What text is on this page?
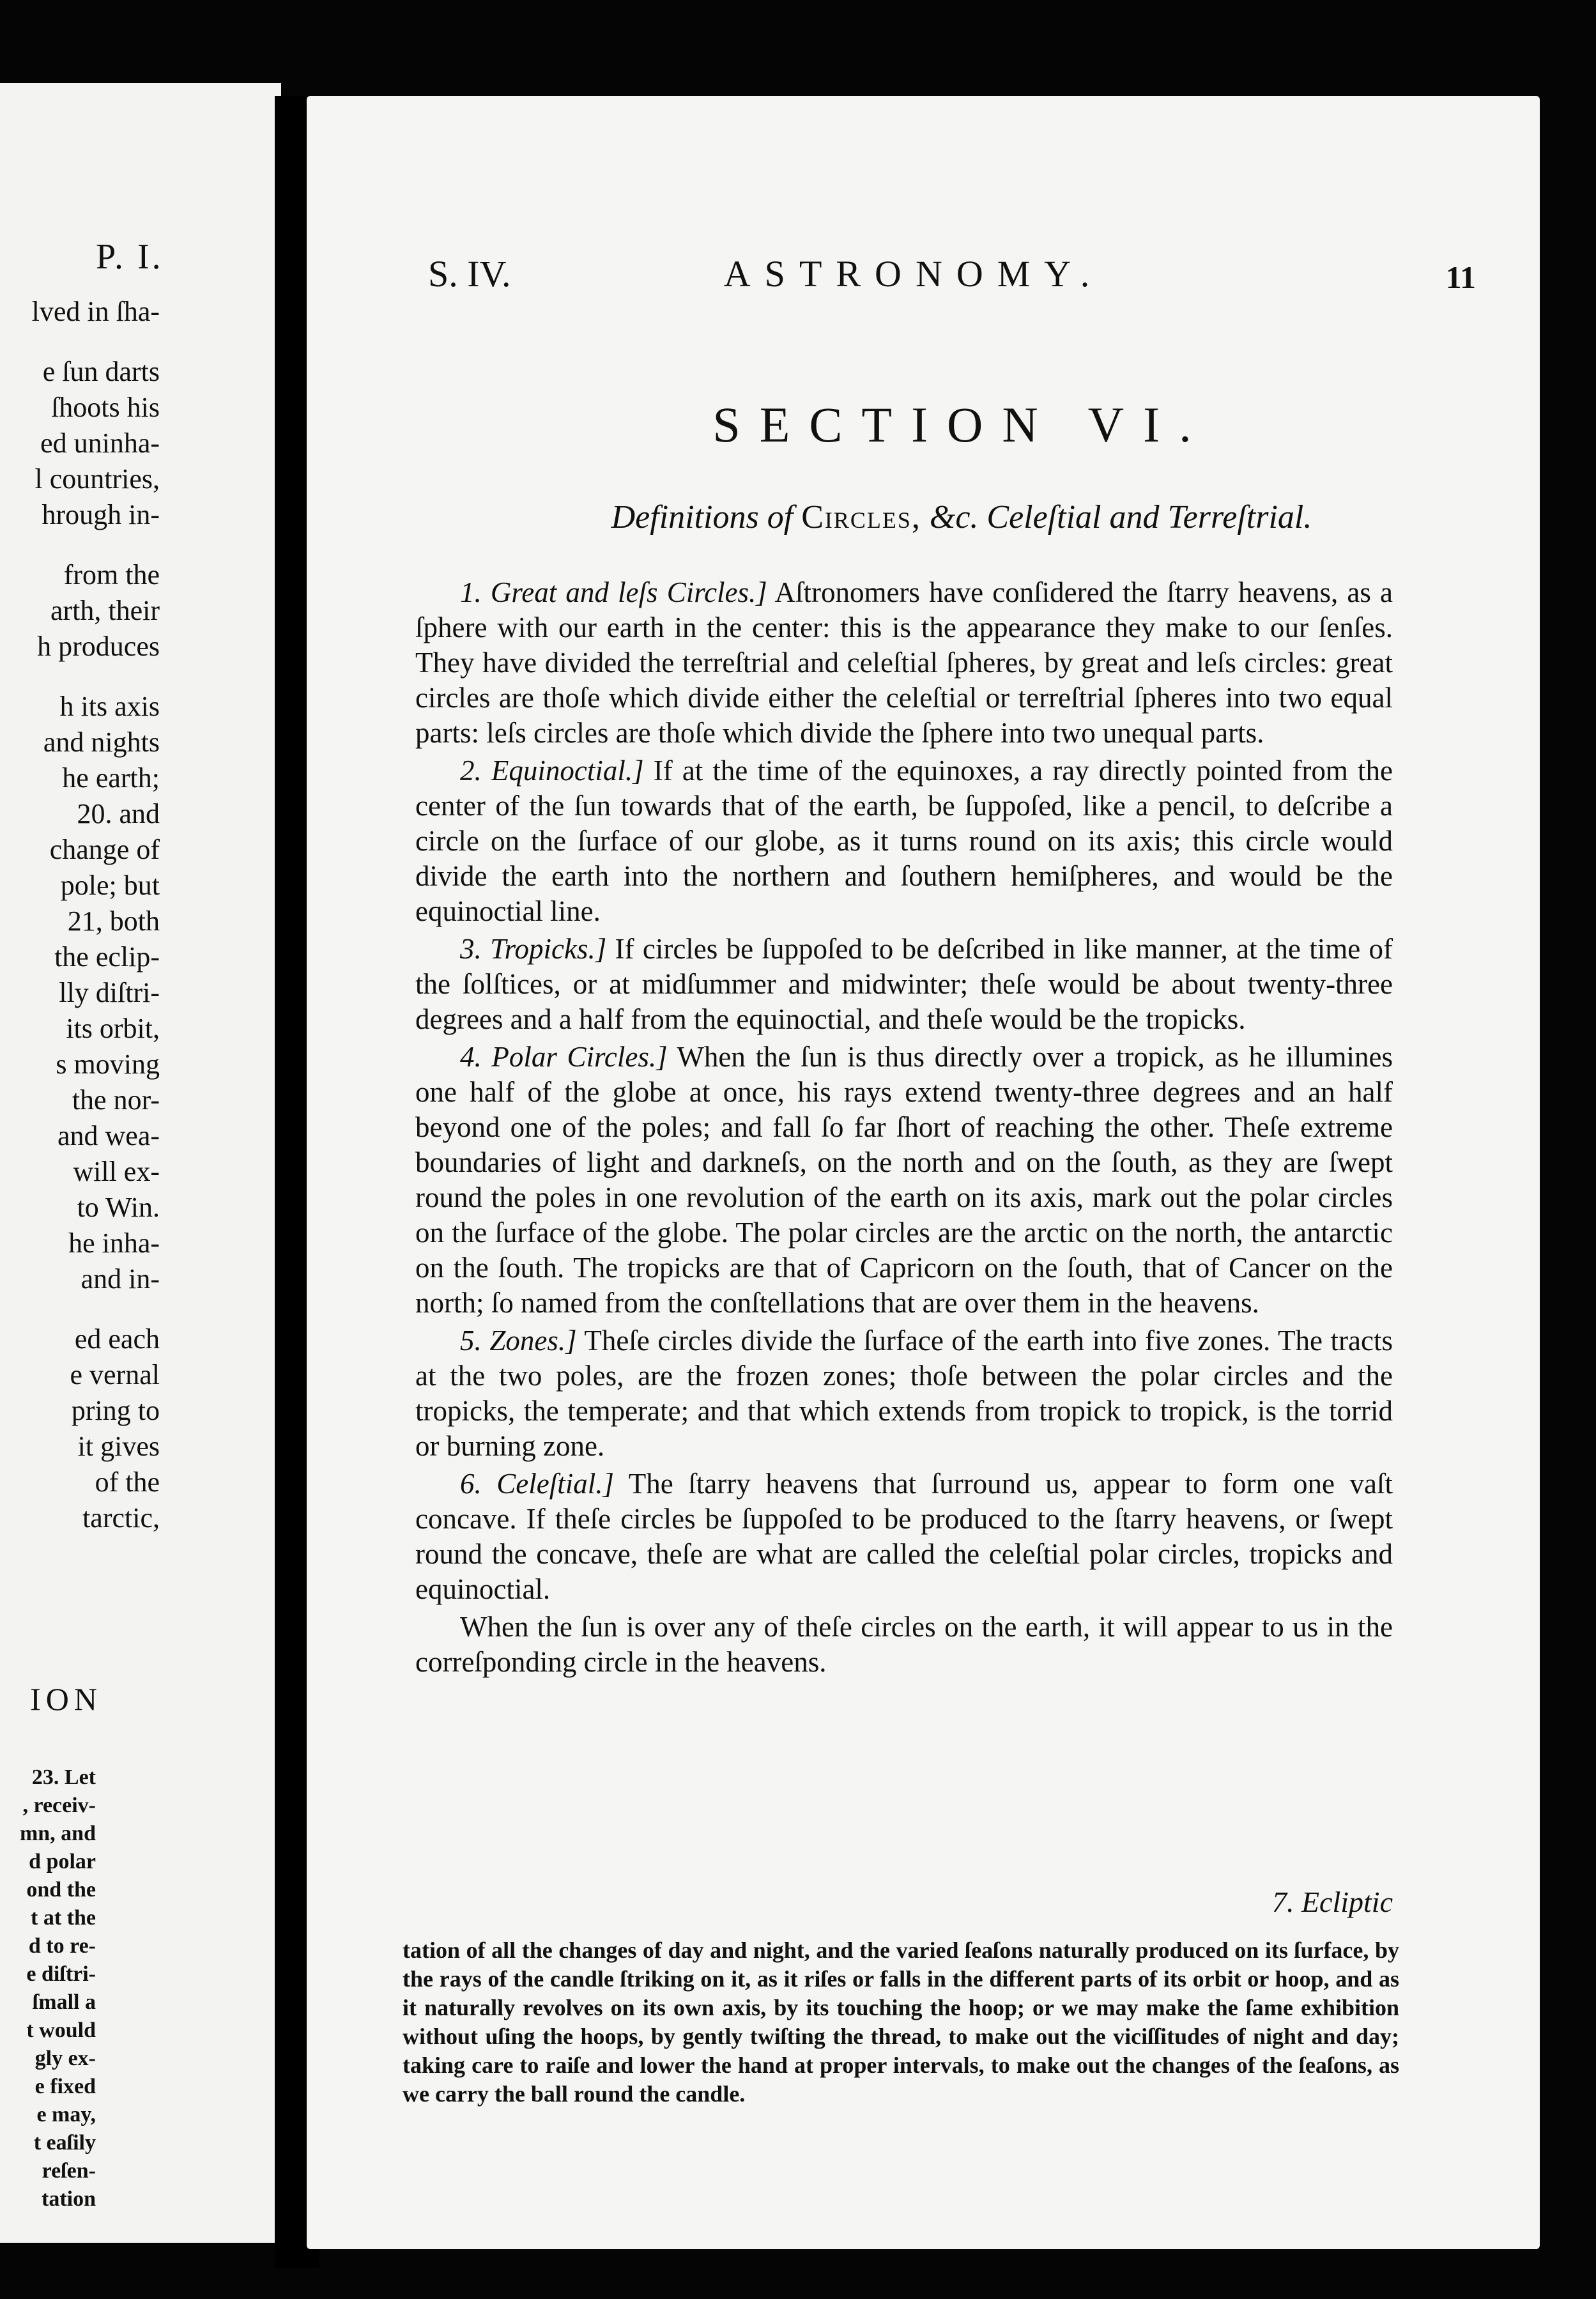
P. I.
lved in ſha-
e ſun darts
ſhoots his
ed uninha-
l countries,
hrough in-
from the
arth, their
h produces
h its axis
and nights
he earth;
20. and
change of
pole; but
21, both
the eclip-
lly diſtri-
its orbit,
s moving
the nor-
and wea-
will ex-
to Win.
he inha-
and in-
ed each
e vernal
pring to
it gives
of the
tarctic,
ION
23. Let
, receiv-
mn, and
d polar
ond the
t at the
d to re-
e diſtri-
ſmall a
t would
gly ex-
e fixed
e may,
t eaſily
reſen-
tation
S. IV.	ASTRONOMY.	11
SECTION VI.
Definitions of Circles, &c. Celeſtial and Terreſtrial.

1. Great and leſs Circles.] Aſtronomers have conſidered the ſtarry heavens, as a ſphere with our earth in the center: this is the appearance they make to our ſenſes. They have divided the terreſtrial and celeſtial ſpheres, by great and leſs circles: great circles are thoſe which divide either the celeſtial or terreſtrial ſpheres into two equal parts: leſs circles are thoſe which divide the ſphere into two unequal parts.

2. Equinoctial.] If at the time of the equinoxes, a ray directly pointed from the center of the ſun towards that of the earth, be ſuppoſed, like a pencil, to deſcribe a circle on the ſurface of our globe, as it turns round on its axis; this circle would divide the earth into the northern and ſouthern hemiſpheres, and would be the equinoctial line.

3. Tropicks.] If circles be ſuppoſed to be deſcribed in like manner, at the time of the ſolſtices, or at midſummer and midwinter; theſe would be about twenty-three degrees and a half from the equinoctial, and theſe would be the tropicks.

4. Polar Circles.] When the ſun is thus directly over a tropick, as he illumines one half of the globe at once, his rays extend twenty-three degrees and an half beyond one of the poles; and fall ſo far ſhort of reaching the other. Theſe extreme boundaries of light and darkneſs, on the north and on the ſouth, as they are ſwept round the poles in one revolution of the earth on its axis, mark out the polar circles on the ſurface of the globe. The polar circles are the arctic on the north, the antarctic on the ſouth. The tropicks are that of Capricorn on the ſouth, that of Cancer on the north; ſo named from the conſtellations that are over them in the heavens.

5. Zones.] Theſe circles divide the ſurface of the earth into five zones. The tracts at the two poles, are the frozen zones; thoſe between the polar circles and the tropicks, the temperate; and that which extends from tropick to tropick, is the torrid or burning zone.

6. Celeſtial.] The ſtarry heavens that ſurround us, appear to form one vaſt concave. If theſe circles be ſuppoſed to be produced to the ſtarry heavens, or ſwept round the concave, theſe are what are called the celeſtial polar circles, tropicks and equinoctial.

When the ſun is over any of theſe circles on the earth, it will appear to us in the correſponding circle in the heavens.

7. Ecliptic
tation of all the changes of day and night, and the varied ſeaſons naturally produced on its ſurface, by the rays of the candle ſtriking on it, as it riſes or falls in the different parts of its orbit or hoop, and as it naturally revolves on its own axis, by its touching the hoop; or we may make the ſame exhibition without uſing the hoops, by gently twiſting the thread, to make out the viciſſitudes of night and day; taking care to raiſe and lower the hand at proper intervals, to make out the changes of the ſeaſons, as we carry the ball round the candle.
